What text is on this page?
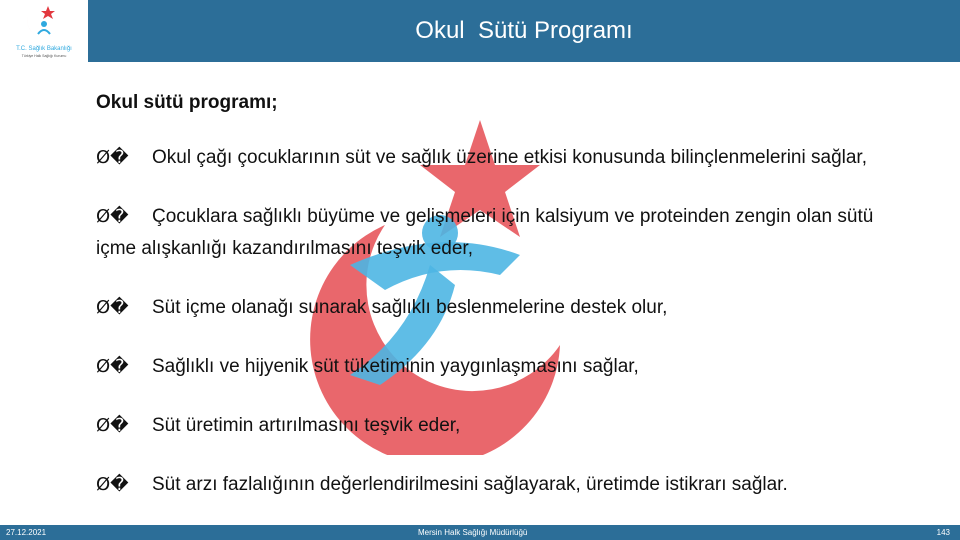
T.C. Sağlık Bakanlığı
Türkiye Halk Sağlığı Kurumu
Okul  Sütü Programı

Okul sütü programı;

Ø� Okul çağı çocuklarının süt ve sağlık üzerine etkisi konusunda bilinçlenmelerini sağlar,

Ø� Çocuklara sağlıklı büyüme ve gelişmeleri için kalsiyum ve proteinden zengin olan sütü içme alışkanlığı kazandırılmasını teşvik eder,

Ø� Süt içme olanağı sunarak sağlıklı beslenmelerine destek olur,

Ø� Sağlıklı ve hijyenik süt tüketiminin yaygınlaşmasını sağlar,

Ø� Süt üretimin artırılmasını teşvik eder,

Ø� Süt arzı fazlalığının değerlendirilmesini sağlayarak, üretimde istikrarı sağlar.

27.12.2021	Mersin Halk Sağlığı Müdürlüğü	143
